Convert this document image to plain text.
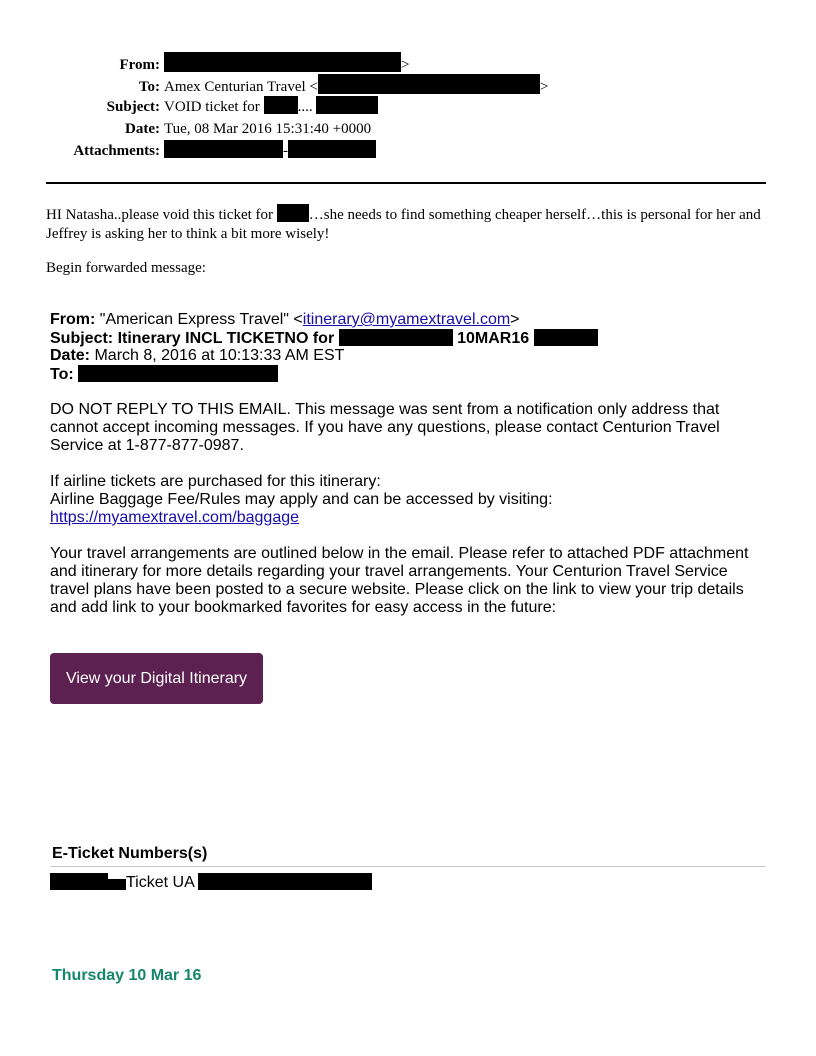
From:	>
To: Amex Centurian Travel <	>
Subject: VOID ticket for	....
Date: Tue, 08 Mar 2016 15:31:40 +0000
Attachments:	-
HI Natasha..please void this ticket for …she needs to find something cheaper herself…this is personal for her and Jeffrey is asking her to think a bit more wisely!
Begin forwarded message:
From: "American Express Travel" <itinerary@myamextravel.com>
Subject: Itinerary INCL TICKETNO for	10MAR16
Date: March 8, 2016 at 10:13:33 AM EST
To:
DO NOT REPLY TO THIS EMAIL. This message was sent from a notification only address that cannot accept incoming messages. If you have any questions, please contact Centurion Travel Service at 1-877-877-0987.
If airline tickets are purchased for this itinerary:
Airline Baggage Fee/Rules may apply and can be accessed by visiting:
https://myamextravel.com/baggage
Your travel arrangements are outlined below in the email. Please refer to attached PDF attachment and itinerary for more details regarding your travel arrangements. Your Centurion Travel Service travel plans have been posted to a secure website. Please click on the link to view your trip details and add link to your bookmarked favorites for easy access in the future:
View your Digital Itinerary
E-Ticket Numbers(s)
Ticket UA
Thursday 10 Mar 16
